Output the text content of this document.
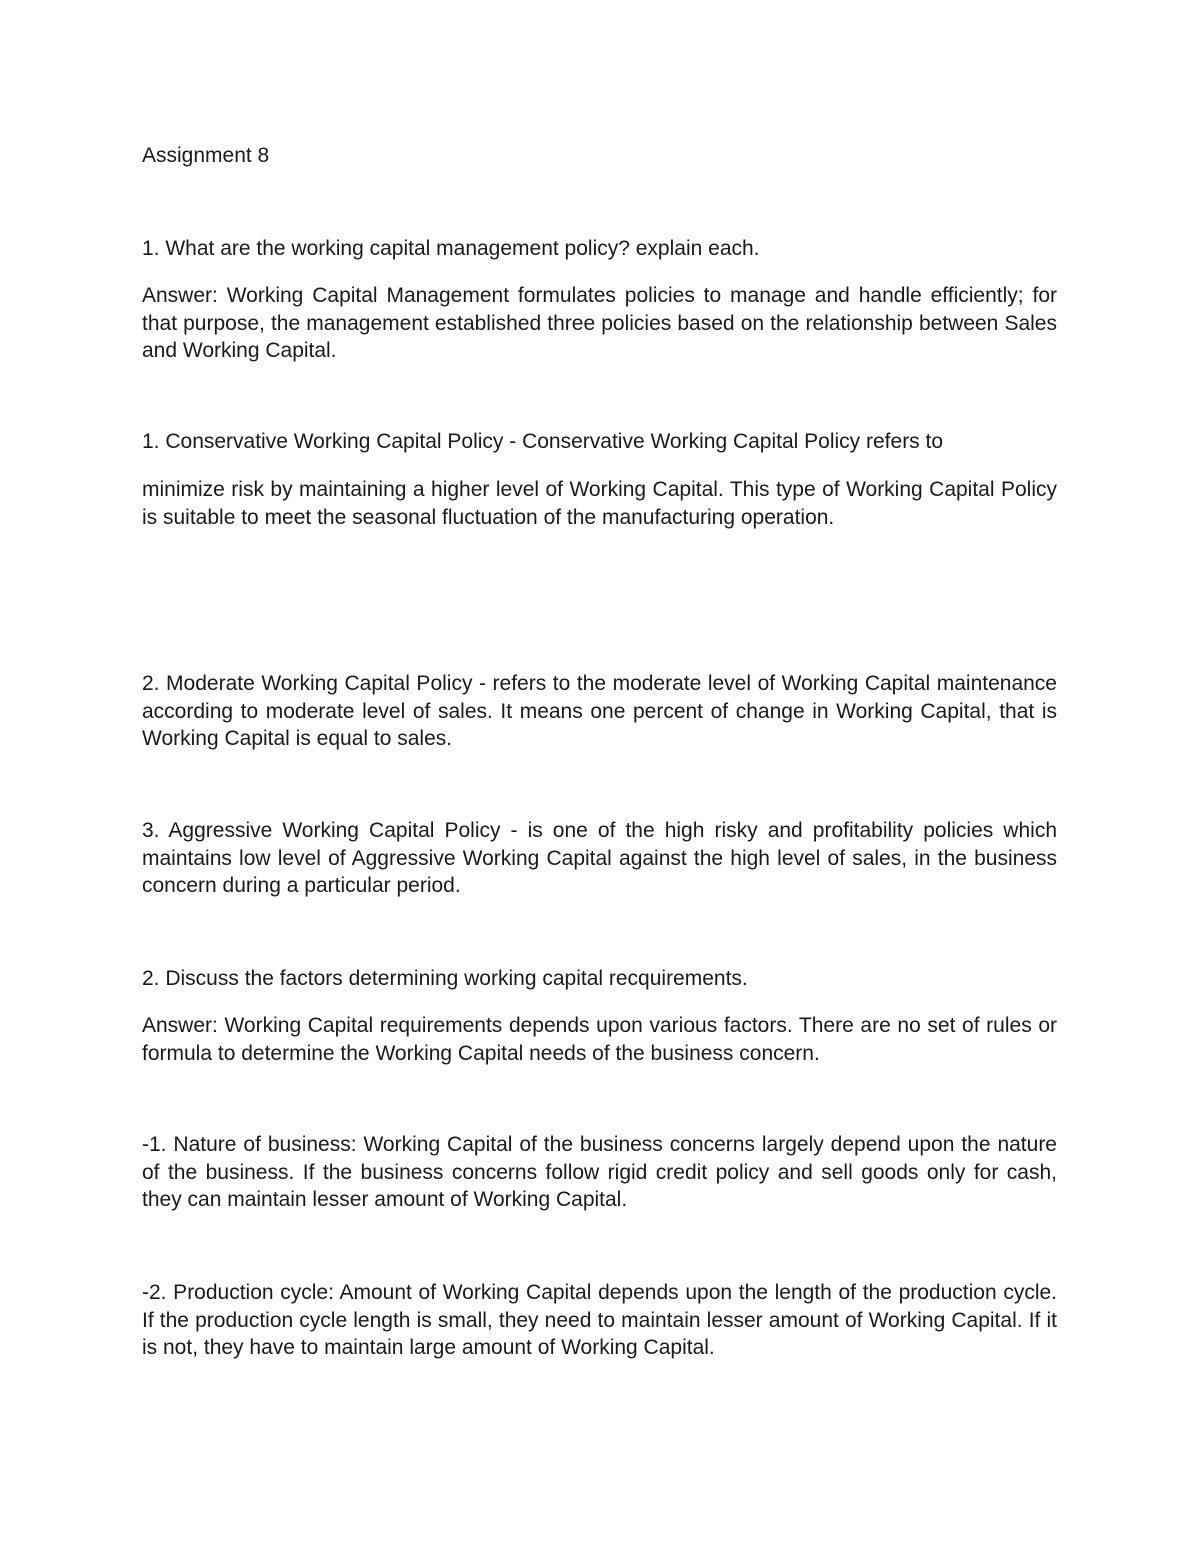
Assignment 8

1. What are the working capital management policy? explain each.

Answer: Working Capital Management formulates policies to manage and handle efficiently; for that purpose, the management established three policies based on the relationship between Sales and Working Capital.

1. Conservative Working Capital Policy - Conservative Working Capital Policy refers to

minimize risk by maintaining a higher level of Working Capital. This type of Working Capital Policy is suitable to meet the seasonal fluctuation of the manufacturing operation.

2. Moderate Working Capital Policy - refers to the moderate level of Working Capital maintenance according to moderate level of sales. It means one percent of change in Working Capital, that is Working Capital is equal to sales.

3. Aggressive Working Capital Policy - is one of the high risky and profitability policies which maintains low level of Aggressive Working Capital against the high level of sales, in the business concern during a particular period.

2. Discuss the factors determining working capital recquirements.

Answer: Working Capital requirements depends upon various factors. There are no set of rules or formula to determine the Working Capital needs of the business concern.

-1. Nature of business: Working Capital of the business concerns largely depend upon the nature of the business. If the business concerns follow rigid credit policy and sell goods only for cash, they can maintain lesser amount of Working Capital.

-2. Production cycle: Amount of Working Capital depends upon the length of the production cycle. If the production cycle length is small, they need to maintain lesser amount of Working Capital. If it is not, they have to maintain large amount of Working Capital.
